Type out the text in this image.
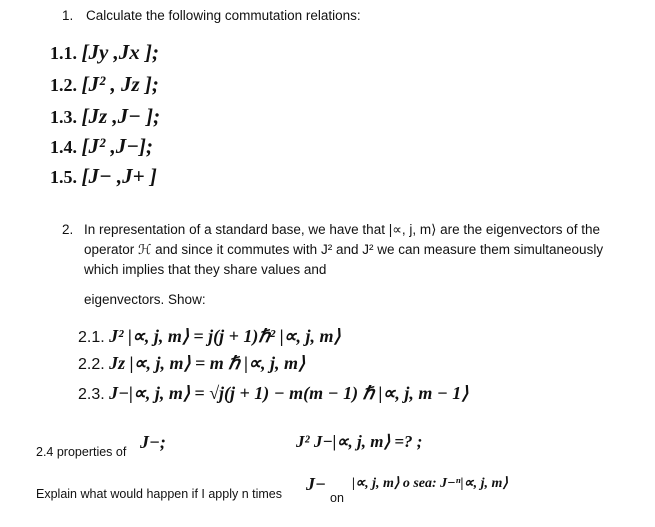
1. Calculate the following commutation relations:
1.1. [Jy ,Jx ];
1.2. [J² , Jz ];
1.3. [Jz ,J− ];
1.4. [J² ,J−];
1.5. [J− ,J+ ]
2. In representation of a standard base, we have that |∝, j, m⟩ are the eigenvectors of the
operator ℋ and since it commutes with J² and J² we can measure them simultaneously
which implies that they share values and
eigenvectors. Show:
2.1. J² |∝, j, m⟩ = j(j + 1)ℏ² |∝, j, m⟩
2.2. Jz |∝, j, m⟩ = m ℏ |∝, j, m⟩
2.3. J−|∝, j, m⟩ = √j(j + 1) − m(m − 1) ℏ |∝, j, m − 1⟩
2.4 properties of J−;	J² J−|∝, j, m⟩ =? ;
Explain what would happen if I apply n times J−
on
|∝, j, m⟩ o sea: J−ⁿ|∝, j, m⟩
